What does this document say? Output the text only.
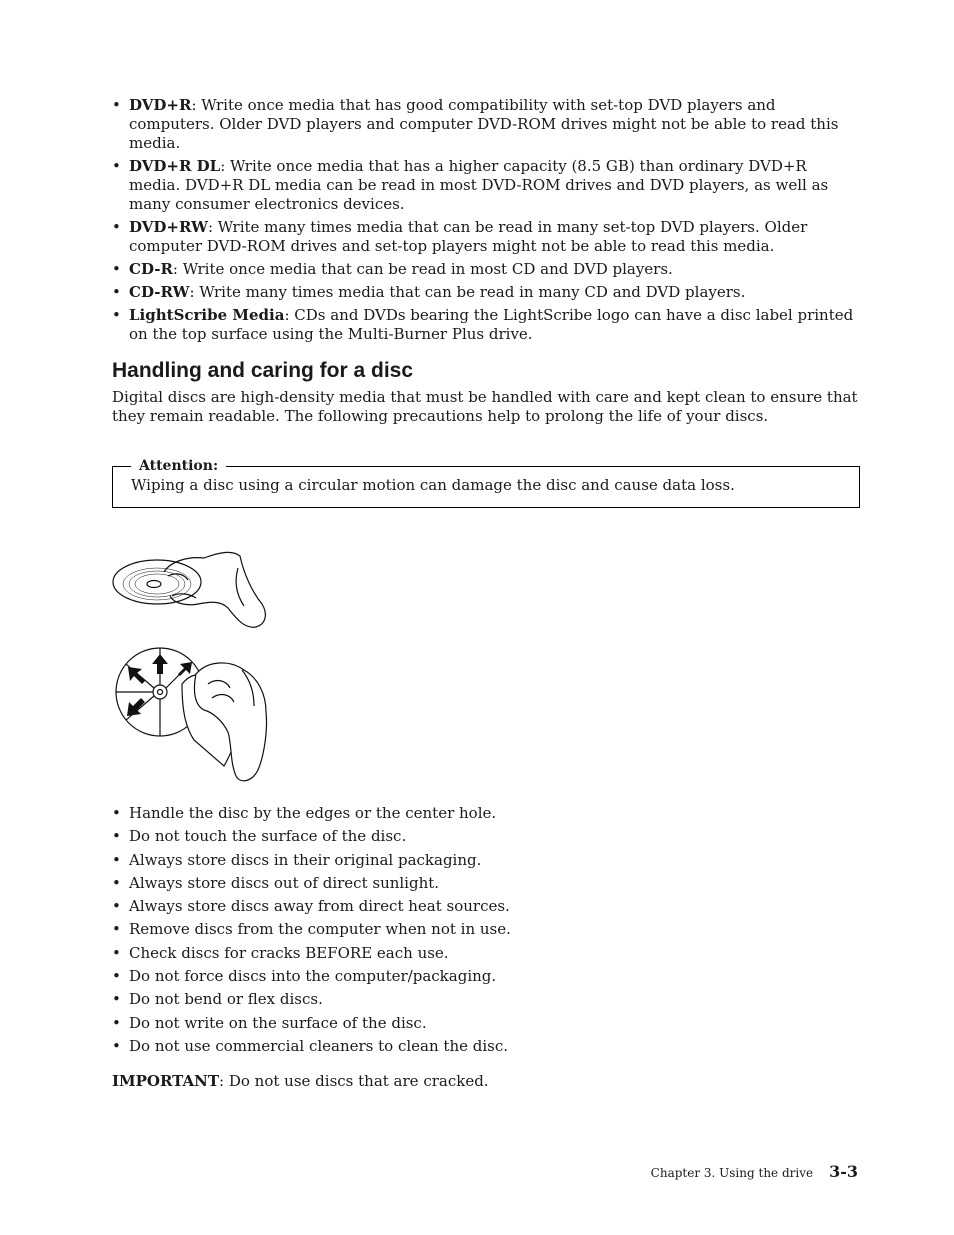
• DVD+R: Write once media that has good compatibility with set-top DVD players and computers. Older DVD players and computer DVD-ROM drives might not be able to read this media.
• DVD+R DL: Write once media that has a higher capacity (8.5 GB) than ordinary DVD+R media. DVD+R DL media can be read in most DVD-ROM drives and DVD players, as well as many consumer electronics devices.
• DVD+RW: Write many times media that can be read in many set-top DVD players. Older computer DVD-ROM drives and set-top players might not be able to read this media.
• CD-R: Write once media that can be read in most CD and DVD players.
• CD-RW: Write many times media that can be read in many CD and DVD players.
• LightScribe Media: CDs and DVDs bearing the LightScribe logo can have a disc label printed on the top surface using the Multi-Burner Plus drive.
Handling and caring for a disc
Digital discs are high-density media that must be handled with care and kept clean to ensure that they remain readable. The following precautions help to prolong the life of your discs.
Attention:
Wiping a disc using a circular motion can damage the disc and cause data loss.
• Handle the disc by the edges or the center hole.
• Do not touch the surface of the disc.
• Always store discs in their original packaging.
• Always store discs out of direct sunlight.
• Always store discs away from direct heat sources.
• Remove discs from the computer when not in use.
• Check discs for cracks BEFORE each use.
• Do not force discs into the computer/packaging.
• Do not bend or flex discs.
• Do not write on the surface of the disc.
• Do not use commercial cleaners to clean the disc.
IMPORTANT: Do not use discs that are cracked.
Chapter 3. Using the drive 3-3
